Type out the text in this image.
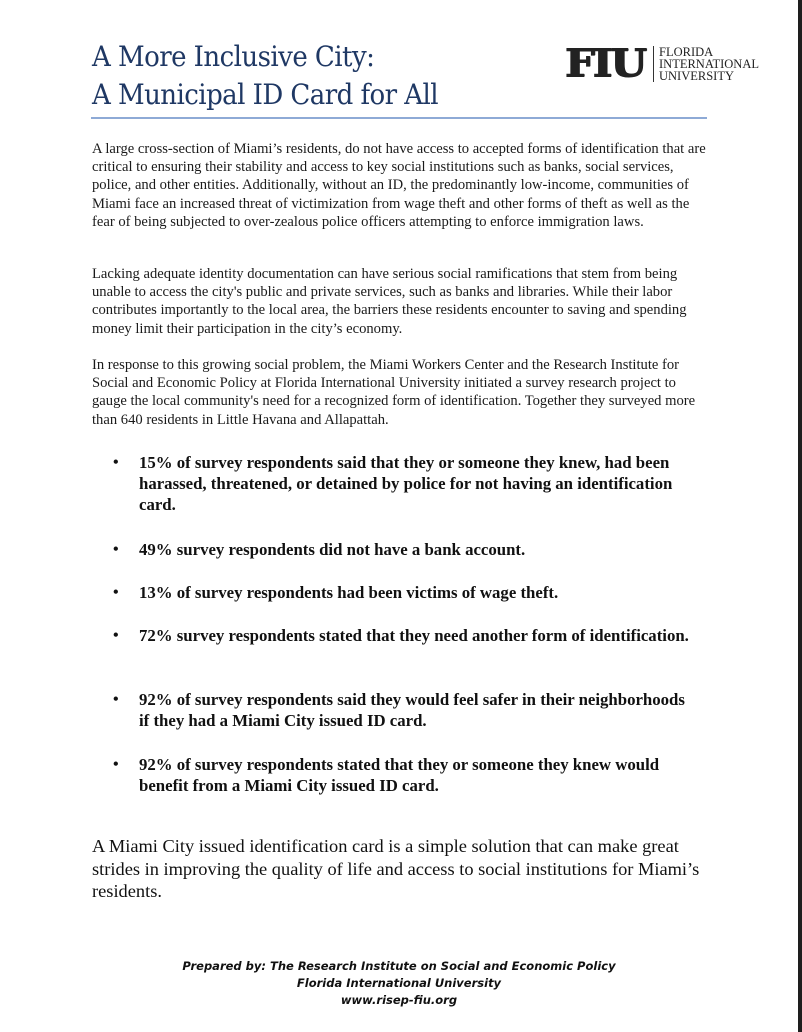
A More Inclusive City:
A Municipal ID Card for All
FIU FLORIDA
INTERNATIONAL
UNIVERSITY

A large cross-section of Miami’s residents, do not have access to accepted forms of identification that are critical to ensuring their stability and access to key social institutions such as banks, social services, police, and other entities. Additionally, without an ID, the predominantly low-income, communities of Miami face an increased threat of victimization from wage theft and other forms of theft as well as the fear of being subjected to over-zealous police officers attempting to enforce immigration laws.

Lacking adequate identity documentation can have serious social ramifications that stem from being unable to access the city's public and private services, such as banks and libraries. While their labor contributes importantly to the local area, the barriers these residents encounter to saving and spending money limit their participation in the city’s economy.

In response to this growing social problem, the Miami Workers Center and the Research Institute for Social and Economic Policy at Florida International University initiated a survey research project to gauge the local community's need for a recognized form of identification. Together they surveyed more than 640 residents in Little Havana and Allapattah.

• 15% of survey respondents said that they or someone they knew, had been harassed, threatened, or detained by police for not having an identification card.
• 49% survey respondents did not have a bank account.
• 13% of survey respondents had been victims of wage theft.
• 72% survey respondents stated that they need another form of identification.
• 92% of survey respondents said they would feel safer in their neighborhoods if they had a Miami City issued ID card.
• 92% of survey respondents stated that they or someone they knew would benefit from a Miami City issued ID card.

A Miami City issued identification card is a simple solution that can make great strides in improving the quality of life and access to social institutions for Miami’s residents.

Prepared by: The Research Institute on Social and Economic Policy
Florida International University
www.risep-fiu.org
